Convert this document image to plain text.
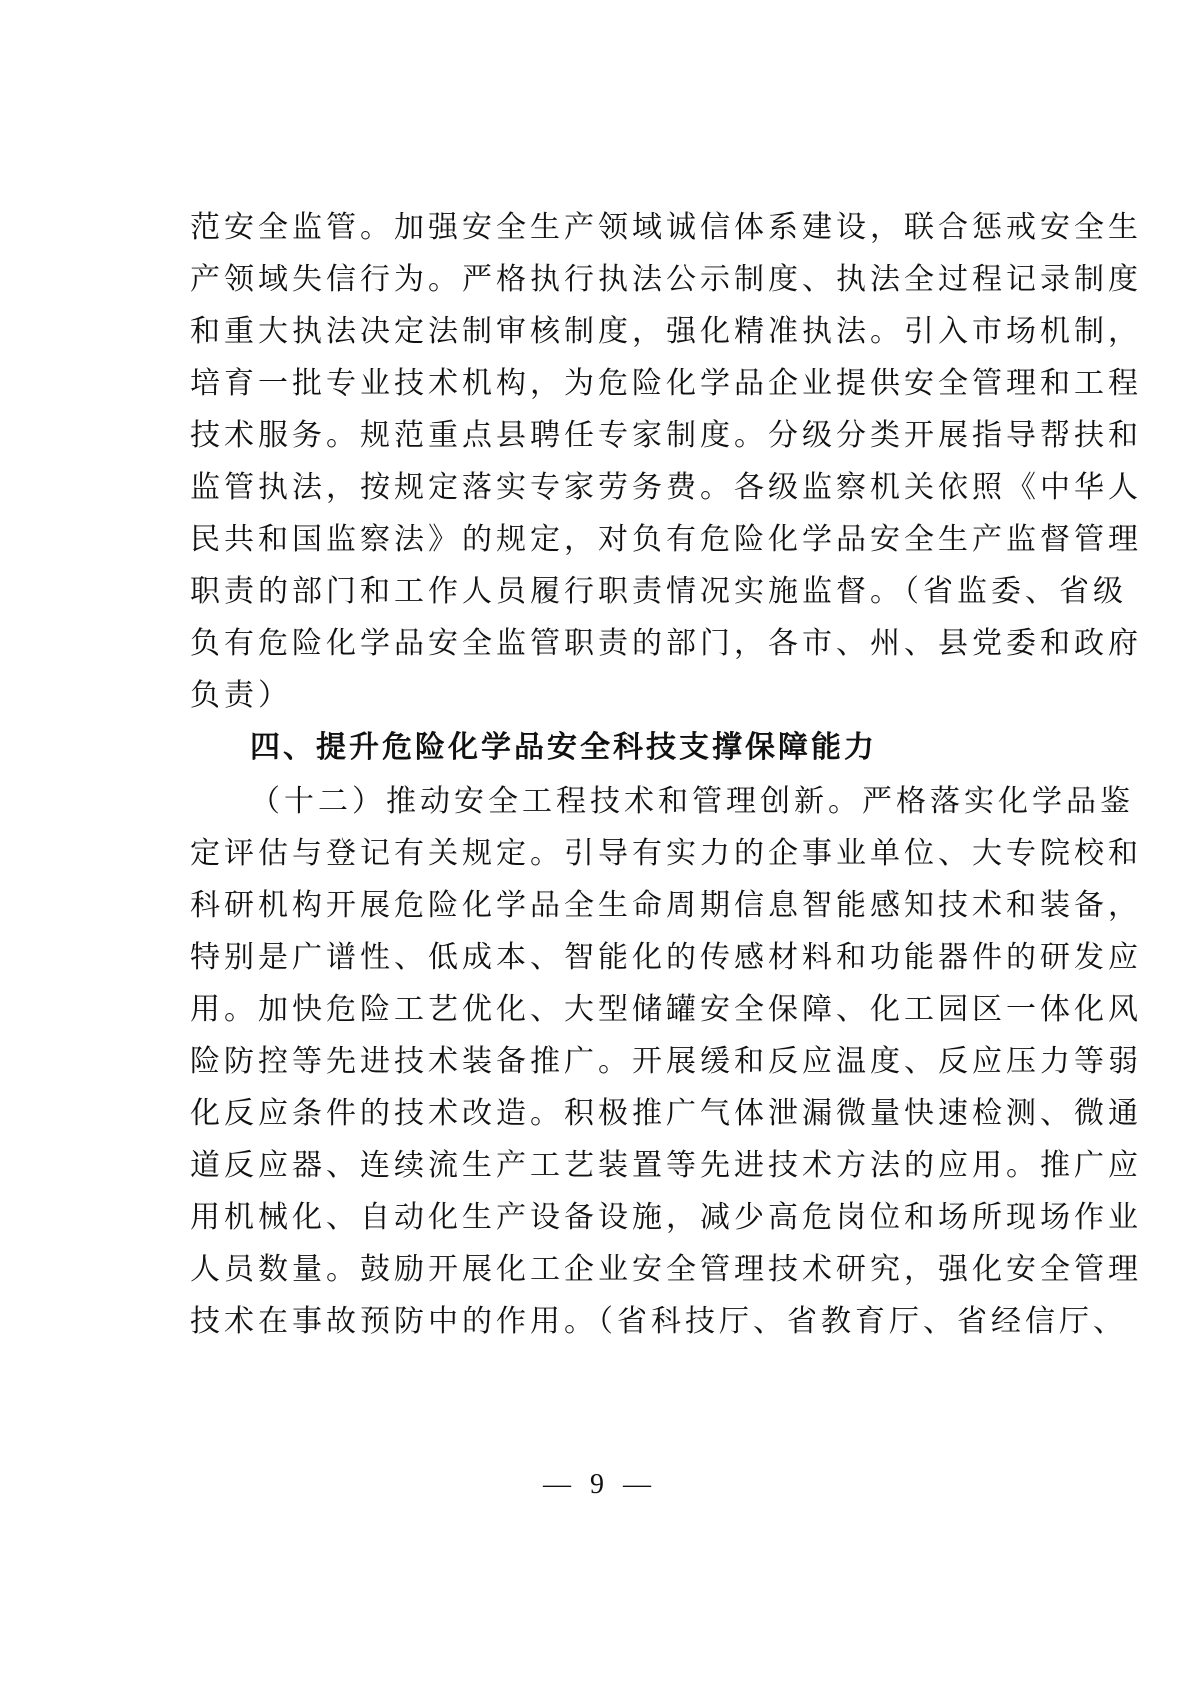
范安全监管。加强安全生产领域诚信体系建设，联合惩戒安全生
产领域失信行为。严格执行执法公示制度、执法全过程记录制度
和重大执法决定法制审核制度，强化精准执法。引入市场机制，
培育一批专业技术机构，为危险化学品企业提供安全管理和工程
技术服务。规范重点县聘任专家制度。分级分类开展指导帮扶和
监管执法，按规定落实专家劳务费。各级监察机关依照《中华人
民共和国监察法》的规定，对负有危险化学品安全生产监督管理
职责的部门和工作人员履行职责情况实施监督。（省监委、省级
负有危险化学品安全监管职责的部门，各市、州、县党委和政府
负责）
四、提升危险化学品安全科技支撑保障能力
（十二）推动安全工程技术和管理创新。严格落实化学品鉴
定评估与登记有关规定。引导有实力的企事业单位、大专院校和
科研机构开展危险化学品全生命周期信息智能感知技术和装备，
特别是广谱性、低成本、智能化的传感材料和功能器件的研发应
用。加快危险工艺优化、大型储罐安全保障、化工园区一体化风
险防控等先进技术装备推广。开展缓和反应温度、反应压力等弱
化反应条件的技术改造。积极推广气体泄漏微量快速检测、微通
道反应器、连续流生产工艺装置等先进技术方法的应用。推广应
用机械化、自动化生产设备设施，减少高危岗位和场所现场作业
人员数量。鼓励开展化工企业安全管理技术研究，强化安全管理
技术在事故预防中的作用。（省科技厅、省教育厅、省经信厅、
— 9 —
